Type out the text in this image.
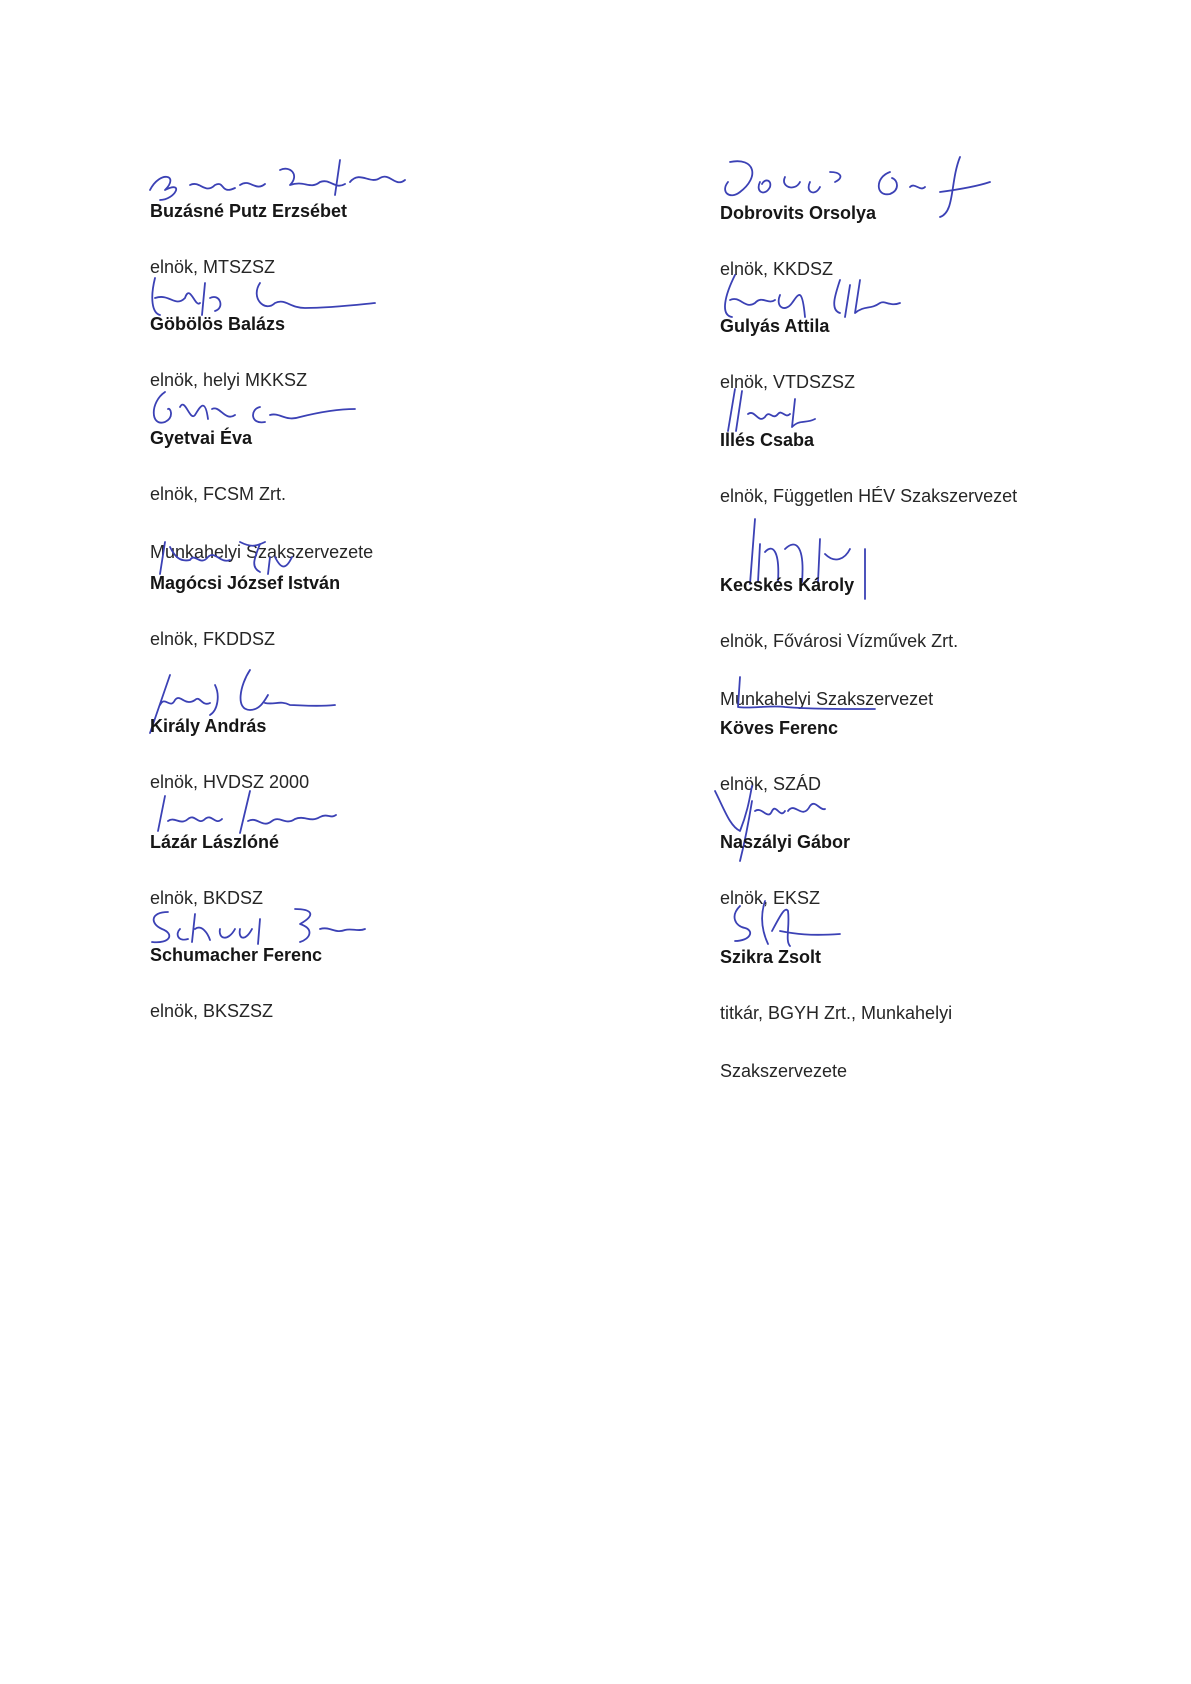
Buzásné Putz Erzsébet

elnök, MTSZSZ

Göbölös Balázs

elnök, helyi MKKSZ

Gyetvai Éva

elnök, FCSM Zrt.

Munkahelyi Szakszervezete

Magócsi József István

elnök, FKDDSZ

Király András

elnök, HVDSZ 2000

Lázár Lászlóné

elnök, BKDSZ

Schumacher Ferenc

elnök, BKSZSZ

Dobrovits Orsolya

elnök, KKDSZ

Gulyás Attila

elnök, VTDSZSZ

Illés Csaba

elnök, Független HÉV Szakszervezet

Kecskés Károly

elnök, Fővárosi Vízművek Zrt.

Munkahelyi Szakszervezet

Köves Ferenc

elnök, SZÁD

Naszályi Gábor

elnök, EKSZ

Szikra Zsolt

titkár, BGYH Zrt., Munkahelyi

Szakszervezete
